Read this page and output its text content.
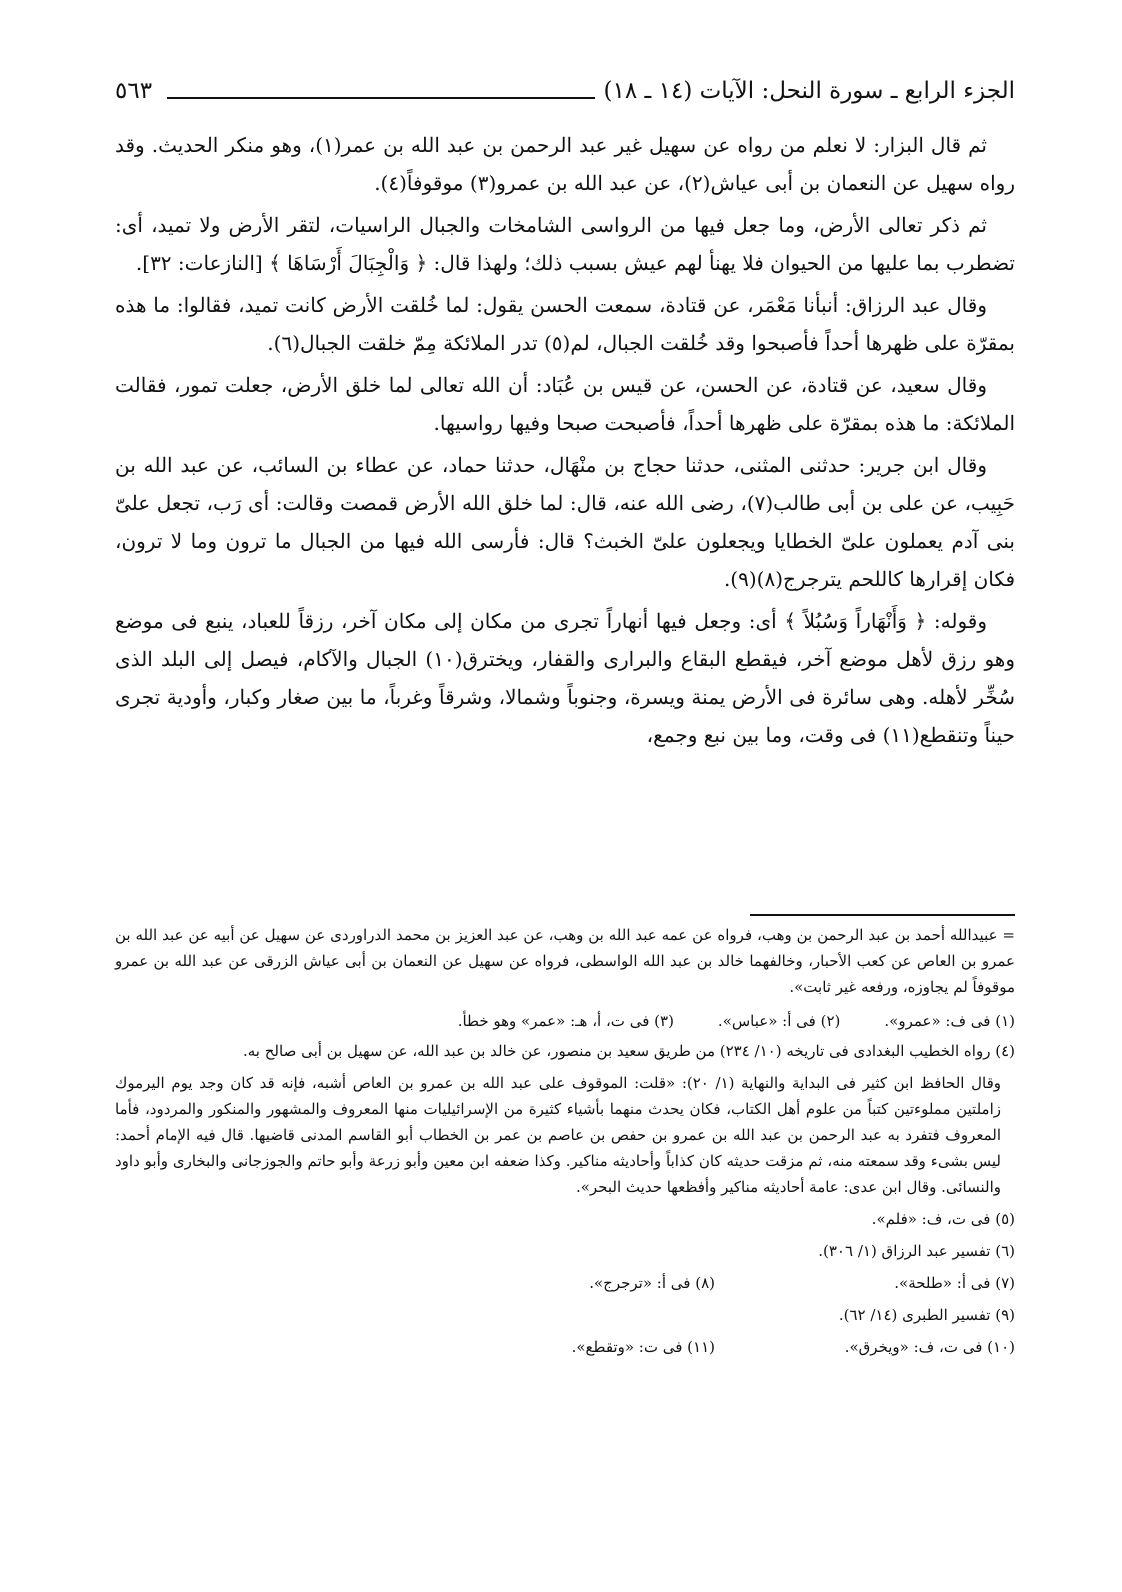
الجزء الرابع ـ سورة النحل: الآيات (١٤ ـ ١٨)
٥٦٣

ثم قال البزار: لا نعلم من رواه عن سهيل غير عبد الرحمن بن عبد الله بن عمر(١)، وهو منكر الحديث. وقد رواه سهيل عن النعمان بن أبى عياش(٢)، عن عبد الله بن عمرو(٣) موقوفاً(٤).

ثم ذكر تعالى الأرض، وما جعل فيها من الرواسى الشامخات والجبال الراسيات، لتقر الأرض ولا تميد، أى: تضطرب بما عليها من الحيوان فلا يهنأ لهم عيش بسبب ذلك؛ ولهذا قال: ﴿ وَالْجِبَالَ أَرْسَاهَا ﴾ [النازعات: ٣٢].

وقال عبد الرزاق: أنبأنا مَعْمَر، عن قتادة، سمعت الحسن يقول: لما خُلقت الأرض كانت تميد، فقالوا: ما هذه بمقرّة على ظهرها أحداً فأصبحوا وقد خُلقت الجبال، لم(٥) تدر الملائكة مِمّ خلقت الجبال(٦).

وقال سعيد، عن قتادة، عن الحسن، عن قيس بن عُبَاد: أن الله تعالى لما خلق الأرض، جعلت تمور، فقالت الملائكة: ما هذه بمقرّة على ظهرها أحداً، فأصبحت صبحا وفيها رواسيها.

وقال ابن جرير: حدثنى المثنى، حدثنا حجاج بن منْهَال، حدثنا حماد، عن عطاء بن السائب، عن عبد الله بن حَبِيب، عن على بن أبى طالب(٧)، رضى الله عنه، قال: لما خلق الله الأرض قمصت وقالت: أى رَب، تجعل علىّ بنى آدم يعملون علىّ الخطايا ويجعلون علىّ الخبث؟ قال: فأرسى الله فيها من الجبال ما ترون وما لا ترون، فكان إقرارها كاللحم يترجرج(٨)(٩).

وقوله: ﴿ وَأَنْهَاراً وَسُبُلاً ﴾ أى: وجعل فيها أنهاراً تجرى من مكان إلى مكان آخر، رزقاً للعباد، ينبع فى موضع وهو رزق لأهل موضع آخر، فيقطع البقاع والبرارى والقفار، ويخترق(١٠) الجبال والآكام، فيصل إلى البلد الذى سُخِّر لأهله. وهى سائرة فى الأرض يمنة ويسرة، وجنوباً وشمالا، وشرقاً وغرباً، ما بين صغار وكبار، وأودية تجرى حيناً وتنقطع(١١) فى وقت، وما بين نبع وجمع،

= عبيدالله أحمد بن عبد الرحمن بن وهب، فرواه عن عمه عبد الله بن وهب، عن عبد العزيز بن محمد الدراوردى عن سهيل عن أبيه عن عبد الله بن عمرو بن العاص عن كعب الأحبار، وخالفهما خالد بن عبد الله الواسطى، فرواه عن سهيل عن النعمان بن أبى عياش الزرقى عن عبد الله بن عمرو موقوفاً لم يجاوزه، ورفعه غير ثابت».

(١) فى ف: «عمرو».
(٢) فى أ: «عباس».
(٣) فى ت، أ، هـ: «عمر» وهو خطأ.

(٤) رواه الخطيب البغدادى فى تاريخه (١٠/ ٢٣٤) من طريق سعيد بن منصور، عن خالد بن عبد الله، عن سهيل بن أبى صالح به.

وقال الحافظ ابن كثير فى البداية والنهاية (١/ ٢٠): «قلت: الموقوف على عبد الله بن عمرو بن العاص أشبه، فإنه قد كان وجد يوم اليرموك زاملتين مملوءتين كتباً من علوم أهل الكتاب، فكان يحدث منهما بأشياء كثيرة من الإسرائيليات منها المعروف والمشهور والمنكور والمردود، فأما المعروف فتفرد به عبد الرحمن بن عبد الله بن عمرو بن حفص بن عاصم بن عمر بن الخطاب أبو القاسم المدنى قاضيها. قال فيه الإمام أحمد: ليس بشىء وقد سمعته منه، ثم مزقت حديثه كان كذاباً وأحاديثه مناكير. وكذا ضعفه ابن معين وأبو زرعة وأبو حاتم والجوزجانى والبخارى وأبو داود والنسائى. وقال ابن عدى: عامة أحاديثه مناكير وأفظعها حديث البحر».

(٥) فى ت، ف: «فلم».
(٦) تفسير عبد الرزاق (١/ ٣٠٦).
(٧) فى أ: «طلحة».
(٨) فى أ: «ترجرج».
(٩) تفسير الطبرى (١٤/ ٦٢).
(١٠) فى ت، ف: «ويخرق».
(١١) فى ت: «وتقطع».
